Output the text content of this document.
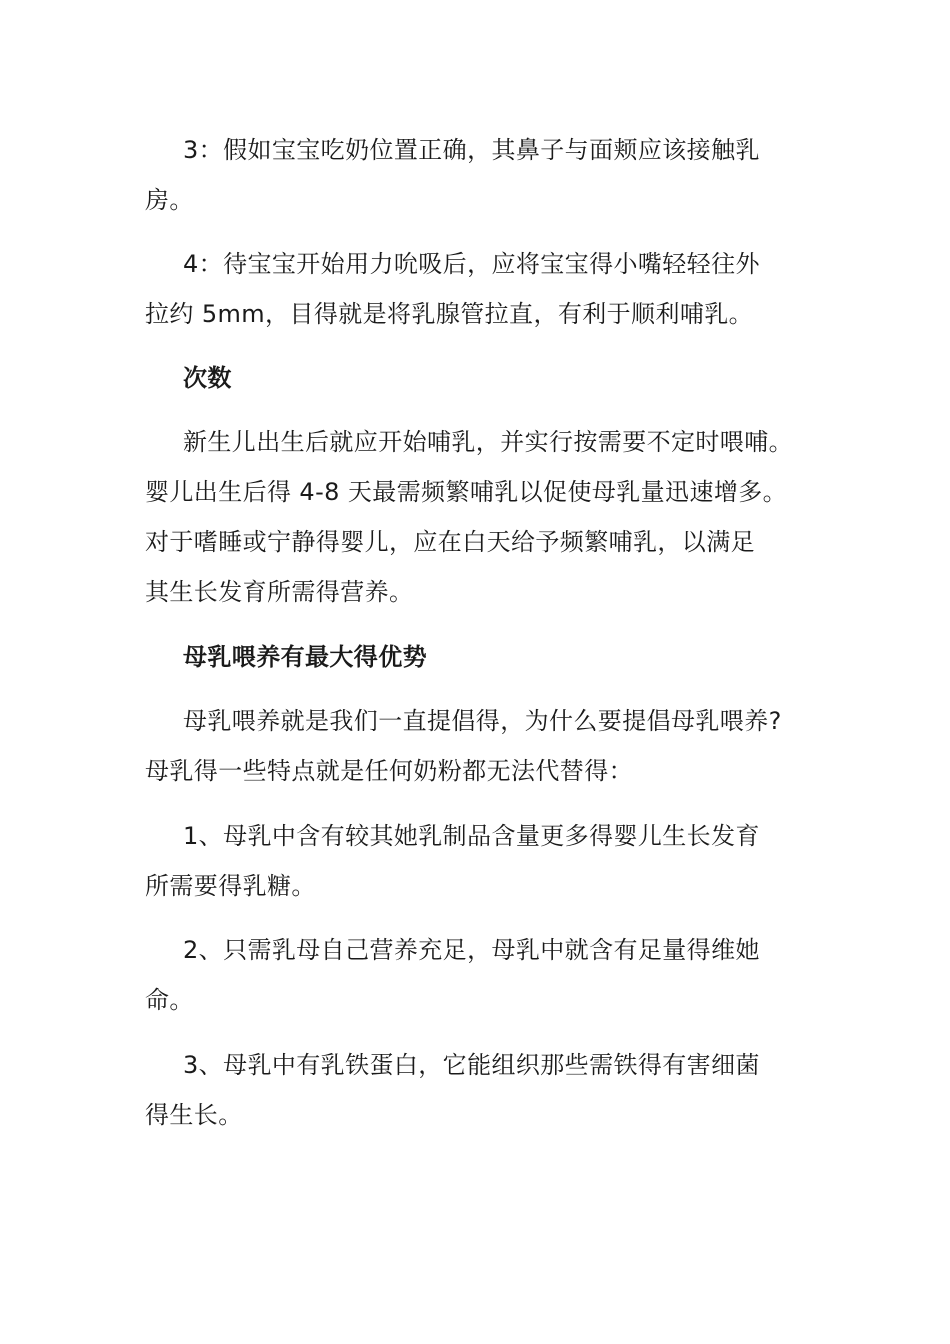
3：假如宝宝吃奶位置正确，其鼻子与面颊应该接触乳
房。
4：待宝宝开始用力吮吸后，应将宝宝得小嘴轻轻往外
拉约 5mm，目得就是将乳腺管拉直，有利于顺利哺乳。
次数
新生儿出生后就应开始哺乳，并实行按需要不定时喂哺。
婴儿出生后得 4-8 天最需频繁哺乳以促使母乳量迅速增多。
对于嗜睡或宁静得婴儿，应在白天给予频繁哺乳，以满足
其生长发育所需得营养。
母乳喂养有最大得优势
母乳喂养就是我们一直提倡得，为什么要提倡母乳喂养?
母乳得一些特点就是任何奶粉都无法代替得：
1、母乳中含有较其她乳制品含量更多得婴儿生长发育
所需要得乳糖。
2、只需乳母自己营养充足，母乳中就含有足量得维她
命。
3、母乳中有乳铁蛋白，它能组织那些需铁得有害细菌
得生长。
